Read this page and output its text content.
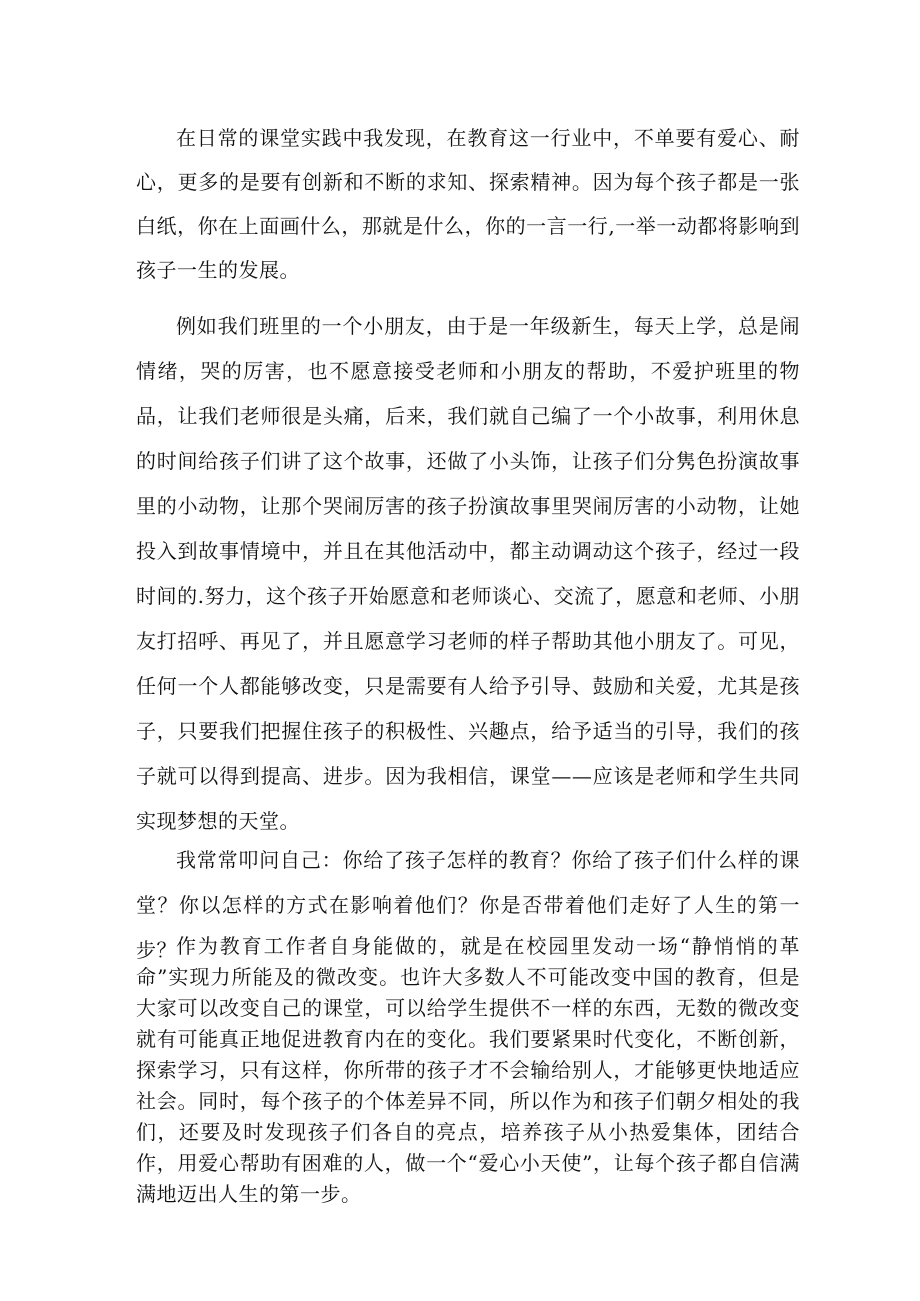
在日常的课堂实践中我发现，在教育这一行业中，不单要有爱心、耐心，更多的是要有创新和不断的求知、探索精神。因为每个孩子都是一张白纸，你在上面画什么，那就是什么，你的一言一行,一举一动都将影响到孩子一生的发展。

例如我们班里的一个小朋友，由于是一年级新生，每天上学，总是闹情绪，哭的厉害，也不愿意接受老师和小朋友的帮助，不爱护班里的物品，让我们老师很是头痛，后来，我们就自己编了一个小故事，利用休息的时间给孩子们讲了这个故事，还做了小头饰，让孩子们分隽色扮演故事里的小动物，让那个哭闹厉害的孩子扮演故事里哭闹厉害的小动物，让她投入到故事情境中，并且在其他活动中，都主动调动这个孩子，经过一段时间的.努力，这个孩子开始愿意和老师谈心、交流了，愿意和老师、小朋友打招呼、再见了，并且愿意学习老师的样子帮助其他小朋友了。可见，任何一个人都能够改变，只是需要有人给予引导、鼓励和关爱，尤其是孩子，只要我们把握住孩子的积极性、兴趣点，给予适当的引导，我们的孩子就可以得到提高、进步。因为我相信，课堂——应该是老师和学生共同实现梦想的天堂。

我常常叩问自己：你给了孩子怎样的教育？你给了孩子们什么样的课堂？你以怎样的方式在影响着他们？你是否带着他们走好了人生的第一步？ 作为教育工作者自身能做的，就是在校园里发动一场“静悄悄的革命”实现力所能及的微改变。也许大多数人不可能改变中国的教育，但是大家可以改变自己的课堂，可以给学生提供不一样的东西，无数的微改变就有可能真正地促进教育内在的变化。我们要紧果时代变化，不断创新，探索学习，只有这样，你所带的孩子才不会输给别人，才能够更快地适应社会。同时，每个孩子的个体差异不同，所以作为和孩子们朝夕相处的我们，还要及时发现孩子们各自的亮点，培养孩子从小热爱集体，团结合作，用爱心帮助有困难的人，做一个“爱心小天使”，让每个孩子都自信满满地迈出人生的第一步。
